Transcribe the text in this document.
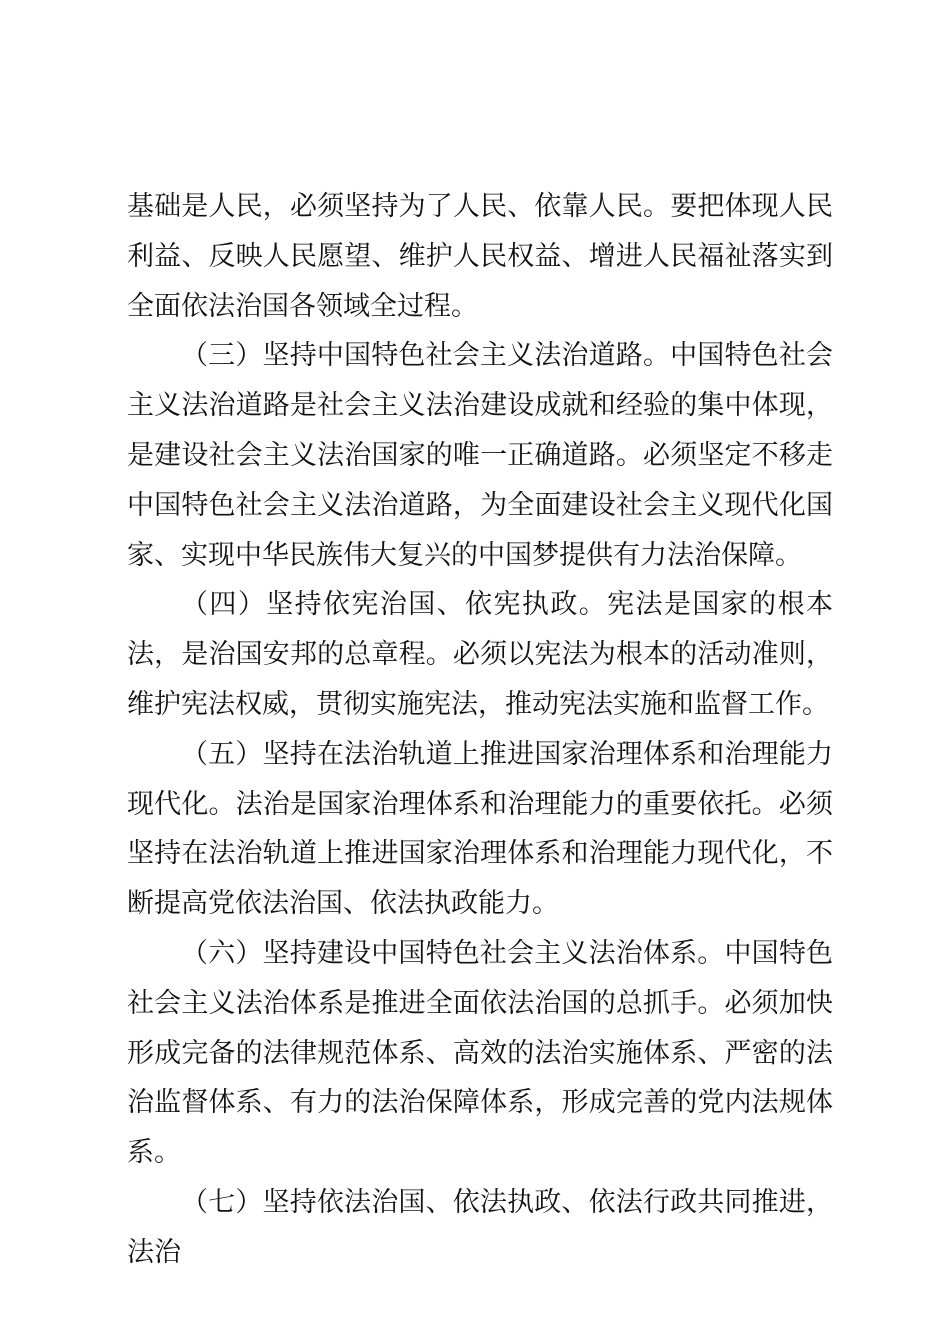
基础是人民，必须坚持为了人民、依靠人民。要把体现人民利益、反映人民愿望、维护人民权益、增进人民福祉落实到全面依法治国各领域全过程。

（三）坚持中国特色社会主义法治道路。中国特色社会主义法治道路是社会主义法治建设成就和经验的集中体现，是建设社会主义法治国家的唯一正确道路。必须坚定不移走中国特色社会主义法治道路，为全面建设社会主义现代化国家、实现中华民族伟大复兴的中国梦提供有力法治保障。

（四）坚持依宪治国、依宪执政。宪法是国家的根本法，是治国安邦的总章程。必须以宪法为根本的活动准则，维护宪法权威，贯彻实施宪法，推动宪法实施和监督工作。

（五）坚持在法治轨道上推进国家治理体系和治理能力现代化。法治是国家治理体系和治理能力的重要依托。必须坚持在法治轨道上推进国家治理体系和治理能力现代化，不断提高党依法治国、依法执政能力。

（六）坚持建设中国特色社会主义法治体系。中国特色社会主义法治体系是推进全面依法治国的总抓手。必须加快形成完备的法律规范体系、高效的法治实施体系、严密的法治监督体系、有力的法治保障体系，形成完善的党内法规体系。

（七）坚持依法治国、依法执政、依法行政共同推进，法治
